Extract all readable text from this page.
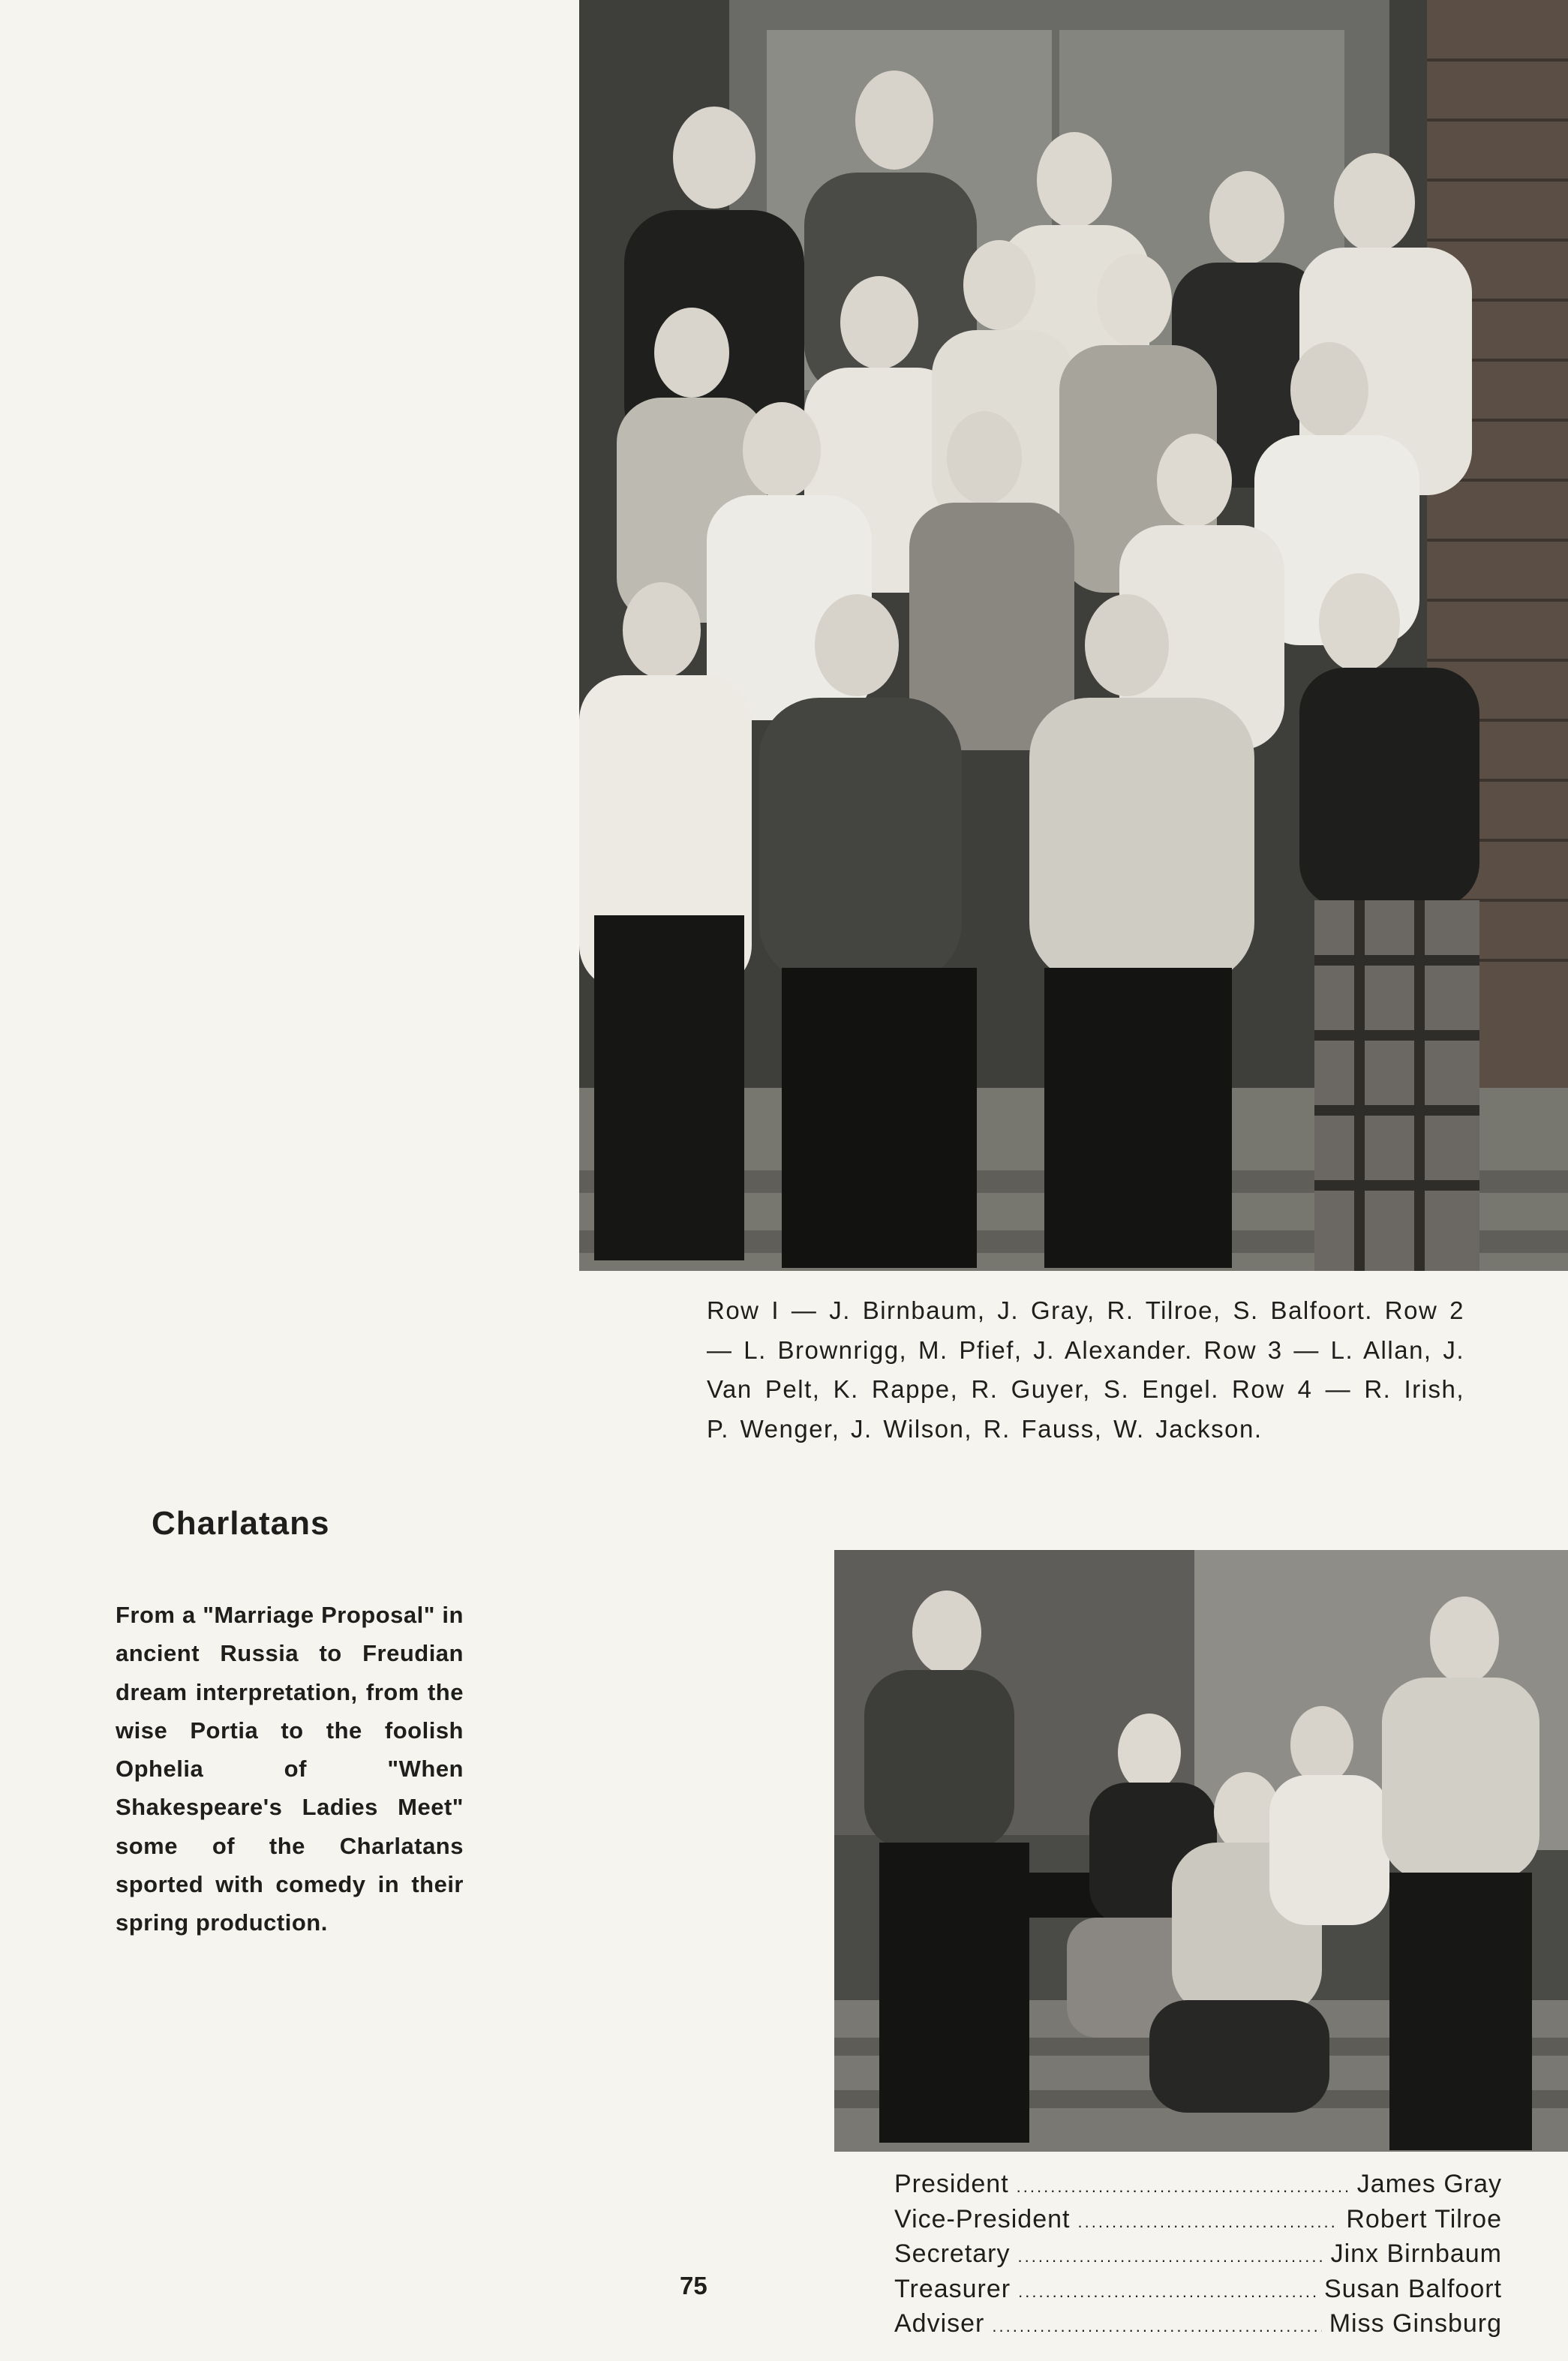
Row I — J. Birnbaum, J. Gray, R. Tilroe, S. Balfoort. Row 2 — L. Brownrigg, M. Pfief, J. Alexander. Row 3 — L. Allan, J. Van Pelt, K. Rappe, R. Guyer, S. Engel. Row 4 — R. Irish, P. Wenger, J. Wilson, R. Fauss, W. Jackson.

Charlatans

From a "Marriage Proposal" in ancient Russia to Freudian dream interpretation, from the wise Portia to the foolish Ophelia of "When Shakespeare's Ladies Meet" some of the Charlatans sported with comedy in their spring production.

President .....	James Gray
Vice-President .....	Robert Tilroe
Secretary .....	Jinx Birnbaum
Treasurer .....	Susan Balfoort
Adviser .....	Miss Ginsburg

75
